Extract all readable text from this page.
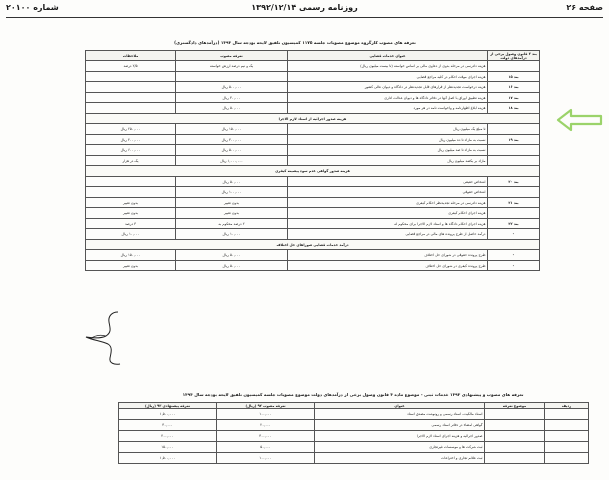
صفحه ۲۶
روزنامه رسمی ۱۳۹۲/۱۲/۱۴
شماره ۲۰۱۰۰
تعرفه های مصوب کارگروه موضوع مصوبات جلسه ۱۱۷۵ کمیسیون تلفیق لایحه بودجه سال ۱۳۹۳ (درآمدهای دادگستری)
بند ۳ قانون وصول برخی از درآمدهای دولت	عنوان خدمات قضایی	تعرفه مصوب	ملاحظات
	هزینه دادرسی در مرحله بدوی از دعاوی مالی بر اساس خواسته (تا بیست میلیون ریال)	یک و نیم درصد ارزش خواسته	۲/۵ درصد
بند ۱۵	هزینه اجرای موقت احکام در کلیه مراجع قضایی		
بند ۱۶	هزینه درخواست تجدیدنظر از قرارهای قابل تجدیدنظر در دادگاه و دیوان عالی کشور	۵۰۰,۰۰۰ ریال	
بند ۱۷	هزینه تطبیق اوراق با اصل آنها در دفاتر دادگاه ها و دیوان عدالت اداری	۳۰,۰۰۰ ریال	
بند ۱۸	هزینه ابلاغ اظهارنامه و واخواست نامه در هر مورد	۵۰,۰۰۰ ریال	
هزینه صدور اجرائیه از اسناد لازم الاجرا			
	تا مبلغ یک میلیون ریال	۱۵۰,۰۰۰ ریال	۲۵۰,۰۰۰ ریال
بند ۱۹	نسبت به مازاد تا ده میلیون ریال	۳۰۰,۰۰۰ ریال	۴۰۰,۰۰۰ ریال
	نسبت به مازاد تا صد میلیون ریال	۵۰۰,۰۰۰ ریال	۶۰۰,۰۰۰ ریال
	مازاد بر یکصد میلیون ریال	۱,۰۰۰,۰۰۰ ریال	یک در هزار
هزینه صدور گواهی عدم سوء پیشینه کیفری			
بند ۲۰	اشخاص حقیقی	۵۰,۰۰۰ ریال	
	اشخاص حقوقی	۱۰۰,۰۰۰ ریال	
بند ۲۱	هزینه دادرسی در مرحله تجدیدنظر احکام کیفری	بدون تغییر	بدون تغییر
	هزینه اجرای احکام کیفری	بدون تغییر	بدون تغییر
بند ۲۲	هزینه اجرای احکام دادگاه ها و اسناد لازم الاجرا برای محکوم له	۲ درصد محکوم به	۳ درصد
-	درآمد حاصل از طرح پرونده های مالی در مراجع قضایی	۱۰,۰۰۰ ریال	۱۰,۰۰۰ ریال
درآمد خدمات قضایی شوراهای حل اختلاف			
-	طرح پرونده حقوقی در شورای حل اختلاف	۵۰,۰۰۰ ریال	۱۵۰,۰۰۰ ریال
-	طرح پرونده کیفری در شورای حل اختلاف	۵۰,۰۰۰ ریال	بدون تغییر
تعرفه های مصوب و پیشنهادی ۱۳۹۳ خدمات ثبتی - موضوع ماده ۳ قانون وصول برخی از درآمدهای دولت موضوع مصوبات جلسه کمیسیون تلفیق لایحه بودجه سال ۱۳۹۳
ردیف	موضوع تعرفه	عنوان	تعرفه مصوب ۹۲ (ریال)	تعرفه پیشنهادی ۹۳ (ریال)
		اسناد مالکیت، اسناد رسمی و رونوشت مصدق اسناد	۱۰۰,۰۰۰	۱,۵۰۰,۰۰۰
		گواهی امضاء در دفاتر اسناد رسمی	۲۰,۰۰۰	۳۰,۰۰۰
		صدور اجرائیه و هزینه اجرای اسناد لازم الاجرا	۳۰۰,۰۰۰	۴۰۰,۰۰۰
		ثبت شرکت ها و موسسات غیرتجاری	۵۰,۰۰۰	۱۵۰,۰۰۰
		ثبت علائم تجاری و اختراعات	۱۰۰,۰۰۰	۱,۵۰۰,۰۰۰
